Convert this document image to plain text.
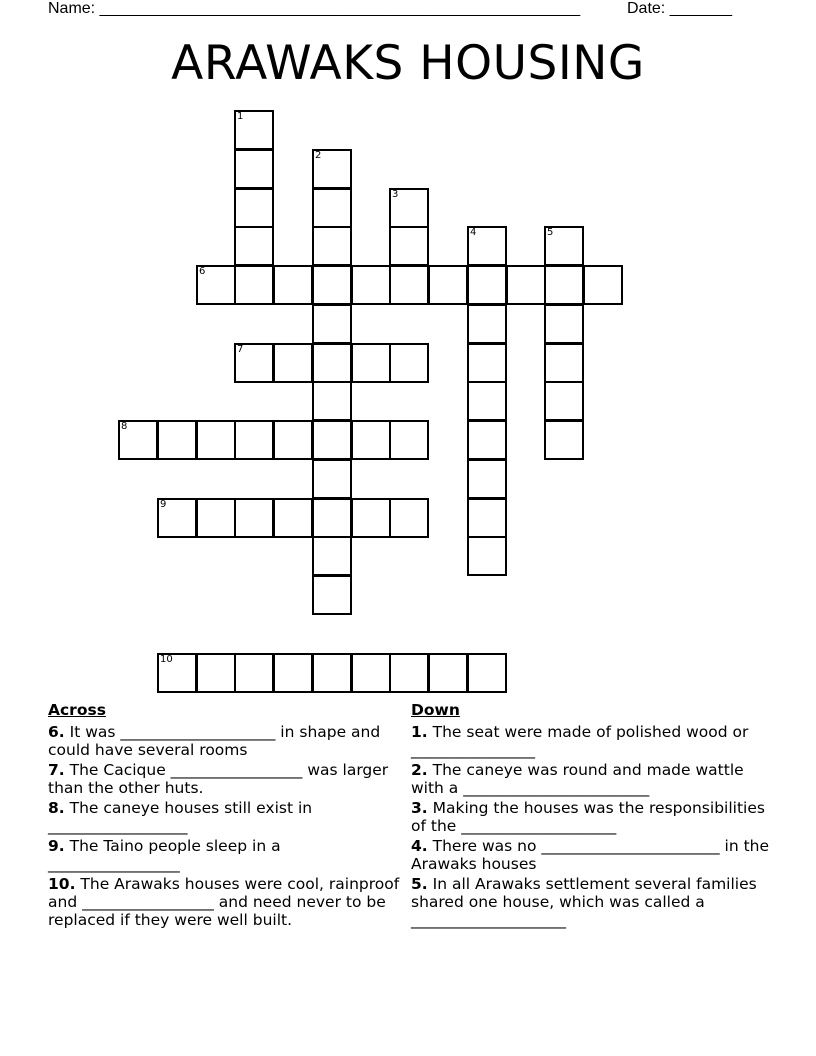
Name: ______________________________________________________

	Date: _______

ARAWAKS HOUSING
1
2
3
4	5
6
7
8
9
10
Across
6. It was ____________________ in shape and could have several rooms
7. The Cacique _________________ was larger than the other huts.
8. The caneye houses still exist in __________________
9. The Taino people sleep in a _________________
10. The Arawaks houses were cool, rainproof and _________________ and need never to be replaced if they were well built.
Down
1. The seat were made of polished wood or ________________
2. The caneye was round and made wattle with a ________________________
3. Making the houses was the responsibilities of the ____________________
4. There was no _______________________ in the Arawaks houses
5. In all Arawaks settlement several families shared one house, which was called a ____________________
